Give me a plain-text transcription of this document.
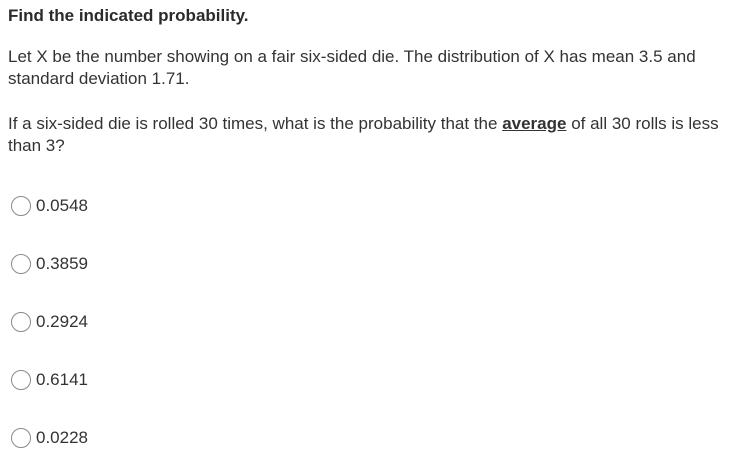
Find the indicated probability.
Let X be the number showing on a fair six-sided die. The distribution of X has mean 3.5 and standard deviation 1.71.
If a six-sided die is rolled 30 times, what is the probability that the average of all 30 rolls is less than 3?
0.0548
0.3859
0.2924
0.6141
0.0228
